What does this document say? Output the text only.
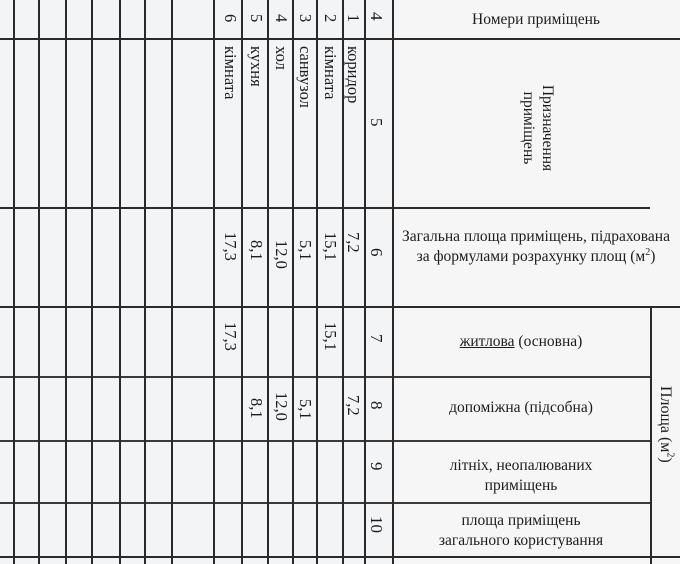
Номери приміщень
Призначення приміщень
Загальна площа приміщень, підрахована за формулами розрахунку площ $(м^2)$
Площа $(м^2)$
житлова (основна)
допоміжна (підсобна)
літніх, неопалюваних
приміщень
площа приміщень
загального користування
4
5
6
7
8
9
10
1
коридор
7,2
7,2
2
кімната
15,1
15,1
3
санвузол
5,1
5,1
4
хол
12,0
12,0
5
кухня
8,1
8,1
6
кімната
17,3
17,3
